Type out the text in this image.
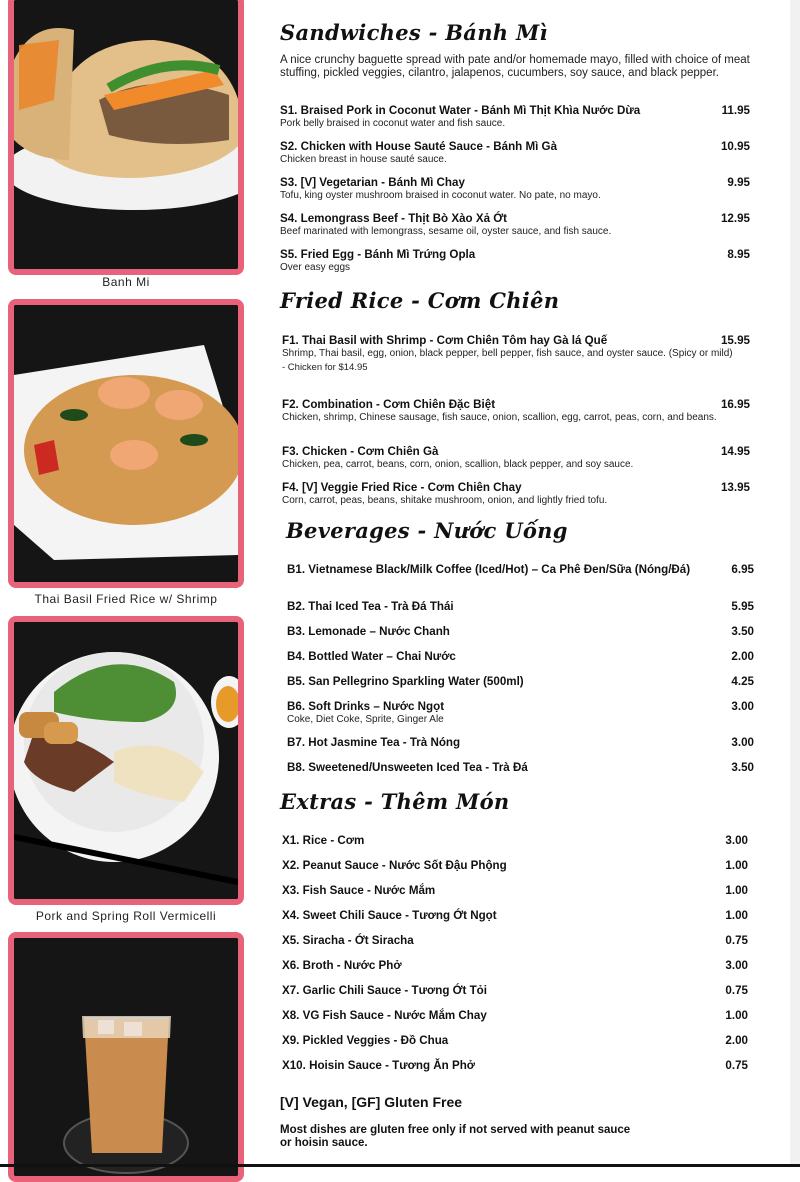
Banh Mi
Thai Basil Fried Rice w/ Shrimp
Pork and Spring Roll Vermicelli
Sandwiches - Bánh Mì

A nice crunchy baguette spread with pate and/or homemade mayo, filled with choice of meat stuffing, pickled veggies, cilantro, jalapenos, cucumbers, soy sauce, and black pepper.

S1. Braised Pork in Coconut Water - Bánh Mì Thịt Khìa Nước Dừa	11.95
Pork belly braised in coconut water and fish sauce.
S2. Chicken with House Sauté Sauce - Bánh Mì Gà	10.95
Chicken breast in house sauté sauce.
S3. [V] Vegetarian - Bánh Mì Chay	9.95
Tofu, king oyster mushroom braised in coconut water. No pate, no mayo.
S4. Lemongrass Beef - Thịt Bò Xào Xả Ớt	12.95
Beef marinated with lemongrass, sesame oil, oyster sauce, and fish sauce.
S5. Fried Egg - Bánh Mì Trứng Opla	8.95
Over easy eggs
Fried Rice - Cơm Chiên
F1. Thai Basil with Shrimp - Cơm Chiên Tôm hay Gà lá Quế	15.95
Shrimp, Thai basil, egg, onion, black pepper, bell pepper, fish sauce, and oyster sauce. (Spicy or mild)
- Chicken for $14.95
F2. Combination - Cơm Chiên Đặc Biệt	16.95
Chicken, shrimp, Chinese sausage, fish sauce, onion, scallion, egg, carrot, peas, corn, and beans.
F3. Chicken - Cơm Chiên Gà	14.95
Chicken, pea, carrot, beans, corn, onion, scallion, black pepper, and soy sauce.
F4. [V] Veggie Fried Rice - Cơm Chiên Chay	13.95
Corn, carrot, peas, beans, shitake mushroom, onion, and lightly fried tofu.
Beverages - Nước Uống
B1. Vietnamese Black/Milk Coffee (Iced/Hot) – Ca Phê Đen/Sữa (Nóng/Đá)	6.95
B2. Thai Iced Tea - Trà Đá Thái	5.95
B3. Lemonade – Nước Chanh	3.50
B4. Bottled Water – Chai Nước	2.00
B5. San Pellegrino Sparkling Water (500ml)	4.25
B6. Soft Drinks – Nước Ngọt	3.00
Coke, Diet Coke, Sprite, Ginger Ale
B7. Hot Jasmine Tea - Trà Nóng	3.00
B8. Sweetened/Unsweeten Iced Tea - Trà Đá	3.50
Extras - Thêm Món
X1. Rice - Cơm	3.00
X2. Peanut Sauce - Nước Sốt Đậu Phộng	1.00
X3. Fish Sauce - Nước Mắm	1.00
X4. Sweet Chili Sauce - Tương Ớt Ngọt	1.00
X5. Siracha - Ớt Siracha	0.75
X6. Broth - Nước Phở	3.00
X7. Garlic Chili Sauce - Tương Ớt Tỏi	0.75
X8. VG Fish Sauce - Nước Mắm Chay	1.00
X9. Pickled Veggies - Đồ Chua	2.00
X10. Hoisin Sauce - Tương Ăn Phở	0.75
[V] Vegan, [GF] Gluten Free
Most dishes are gluten free only if not served with peanut sauce or hoisin sauce.
